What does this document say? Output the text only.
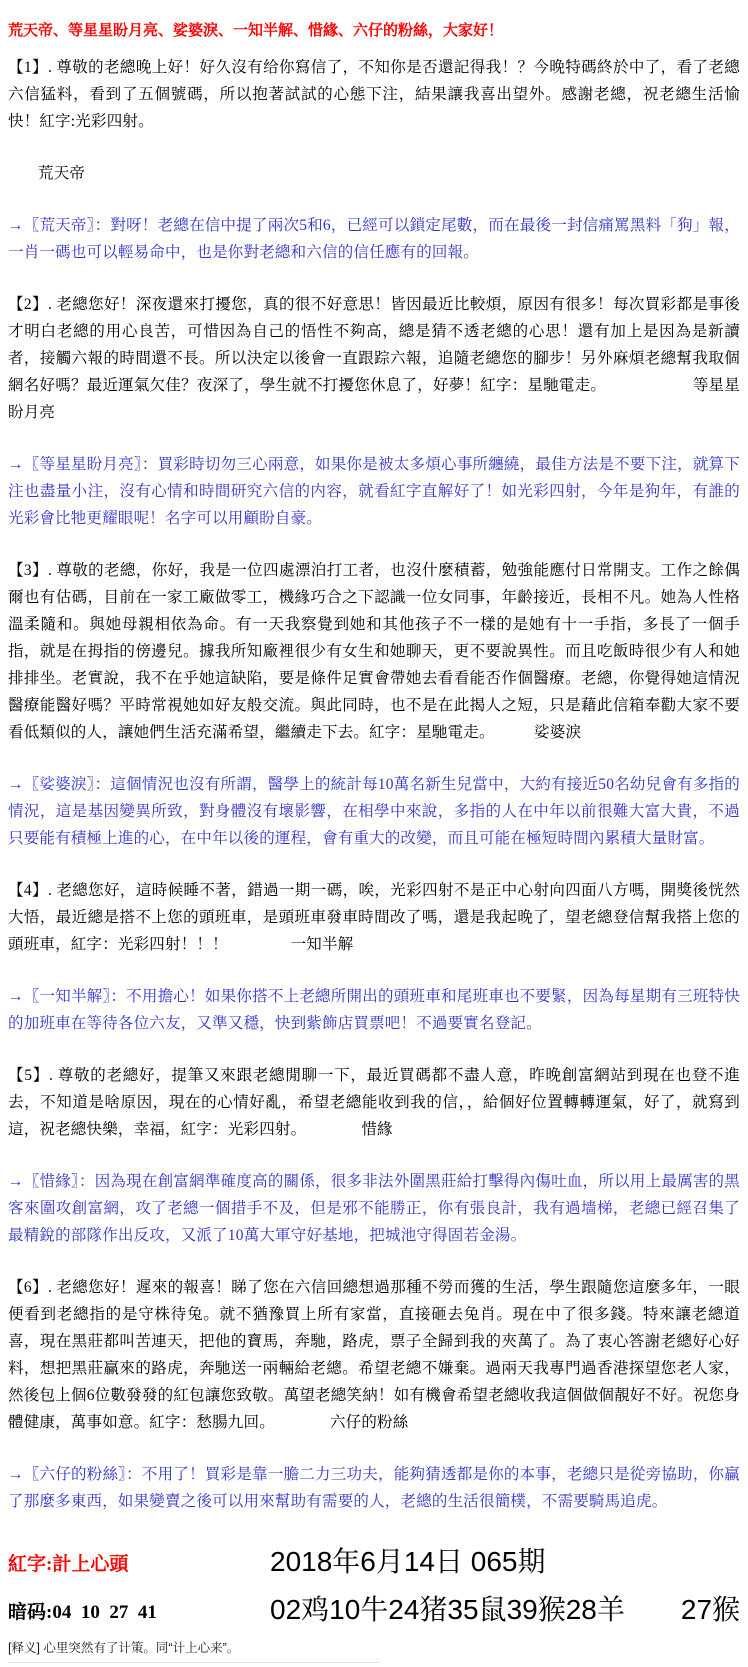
荒天帝、等星星盼月亮、娑婆淚、一知半解、惜緣、六仔的粉絲，大家好！

【1】. 尊敬的老總晚上好！好久沒有给你寫信了，不知你是否還記得我！？今晚特碼終於中了，看了老總六信猛料，看到了五個號碼，所以抱著試試的心態下注，結果讓我喜出望外。感謝老總，祝老總生活愉快！紅字:光彩四射。

荒天帝

→〖荒天帝〗：對呀！老總在信中提了兩次5和6，已經可以鎖定尾數，而在最後一封信痛罵黑料「狗」報，一肖一碼也可以輕易命中，也是你對老總和六信的信任應有的回報。

【2】. 老總您好！深夜還來打擾您，真的很不好意思！皆因最近比較煩，原因有很多！每次買彩都是事後才明白老總的用心良苦，可惜因為自己的悟性不夠高，總是猜不透老總的心思！還有加上是因為是新讀者，接觸六報的時間還不長。所以決定以後會一直跟踪六報，追隨老總您的腳步！另外麻煩老總幫我取個網名好嗎？最近運氣欠佳？夜深了，學生就不打擾您休息了，好夢！紅字：星馳電走。　　　　　　等星星盼月亮

→〖等星星盼月亮〗：買彩時切勿三心兩意，如果你是被太多煩心事所纏繞，最佳方法是不要下注，就算下注也盡量小注，沒有心情和時間研究六信的内容，就看紅字直解好了！如光彩四射，今年是狗年，有誰的光彩會比牠更耀眼呢！名字可以用顧盼自豪。

【3】. 尊敬的老總，你好，我是一位四處漂泊打工者，也沒什麼積蓄，勉強能應付日常開支。工作之餘偶爾也有估碼，目前在一家工廠做零工，機緣巧合之下認識一位女同事，年齡接近，長相不凡。她為人性格溫柔隨和。與她母親相依為命。有一天我察覺到她和其他孩子不一樣的是她有十一手指，多長了一個手指，就是在拇指的傍邊兒。據我所知廠裡很少有女生和她聊天，更不要說異性。而且吃飯時很少有人和她排排坐。老實說，我不在乎她這缺陷，要是條件足實會帶她去看看能否作個醫療。老總，你覺得她這情況醫療能醫好嗎？平時常視她如好友般交流。與此同時，也不是在此揭人之短，只是藉此信箱奉勸大家不要看低類似的人，讓她們生活充滿希望，繼續走下去。紅字：星馳電走。　　　娑婆淚

→〖娑婆淚〗：這個情況也沒有所謂，醫學上的統計每10萬名新生兒當中，大約有接近50名幼兒會有多指的情況，這是基因變異所致，對身體沒有壞影響，在相學中來說，多指的人在中年以前很難大富大貴，不過只要能有積極上進的心，在中年以後的運程，會有重大的改變，而且可能在極短時間內累積大量財富。

【4】. 老總您好，這時候睡不著，錯過一期一碼，唉，光彩四射不是正中心射向四面八方嗎，開獎後恍然大悟，最近總是搭不上您的頭班車，是頭班車發車時間改了嗎，還是我起晚了，望老總登信幫我搭上您的頭班車，紅字：光彩四射！！！　　　　一知半解

→〖一知半解〗：不用擔心！如果你搭不上老總所開出的頭班車和尾班車也不要緊，因為每星期有三班特快的加班車在等待各位六友，又準又穩，快到紫飾店買票吧！不過要實名登記。

【5】. 尊敬的老總好，提筆又來跟老總閒聊一下，最近買碼都不盡人意，昨晚創富網站到現在也登不進去，不知道是啥原因，現在的心情好亂，希望老總能收到我的信，，給個好位置轉轉運氣，好了，就寫到這，祝老總快樂，幸福，紅字：光彩四射。　　　　惜緣

→〖惜緣〗：因為現在創富網準確度高的關係，很多非法外圍黑莊給打擊得內傷吐血，所以用上最厲害的黑客來圍攻創富網，攻了老總一個措手不及，但是邪不能勝正，你有張良計，我有過墙梯，老總已經召集了最精銳的部隊作出反攻，又派了10萬大軍守好基地，把城池守得固若金湯。

【6】. 老總您好！遲來的報喜！睇了您在六信回總想過那種不勞而獲的生活，學生跟隨您這麼多年，一眼便看到老總指的是守株待兔。就不猶豫買上所有家當，直接砸去兔肖。現在中了很多錢。特來讓老總道喜，現在黑莊都叫苦連天，把他的寶馬，奔馳，路虎，票子全歸到我的夾萬了。為了衷心答謝老總好心好料，想把黑莊贏來的路虎，奔馳送一兩輛給老總。希望老總不嫌棄。過兩天我專門過香港探望您老人家，然後包上個6位數發發的紅包讓您致敬。萬望老總笑納！如有機會希望老總收我這個做個靚好不好。祝您身體健康，萬事如意。紅字：愁腸九回。　　　　六仔的粉絲

→〖六仔的粉絲〗：不用了！買彩是靠一膽二力三功夫，能夠猜透都是你的本事，老總只是從旁協助，你贏了那麼多東西，如果變賣之後可以用來幫助有需要的人，老總的生活很簡樸，不需要騎馬追虎。

紅字:計上心頭	2018年6月14日 065期
暗码:04  10  27  41	02鸡10牛24猪35鼠39猴28羊　　27猴

[释义] 心里突然有了计策。同“计上心来”。
